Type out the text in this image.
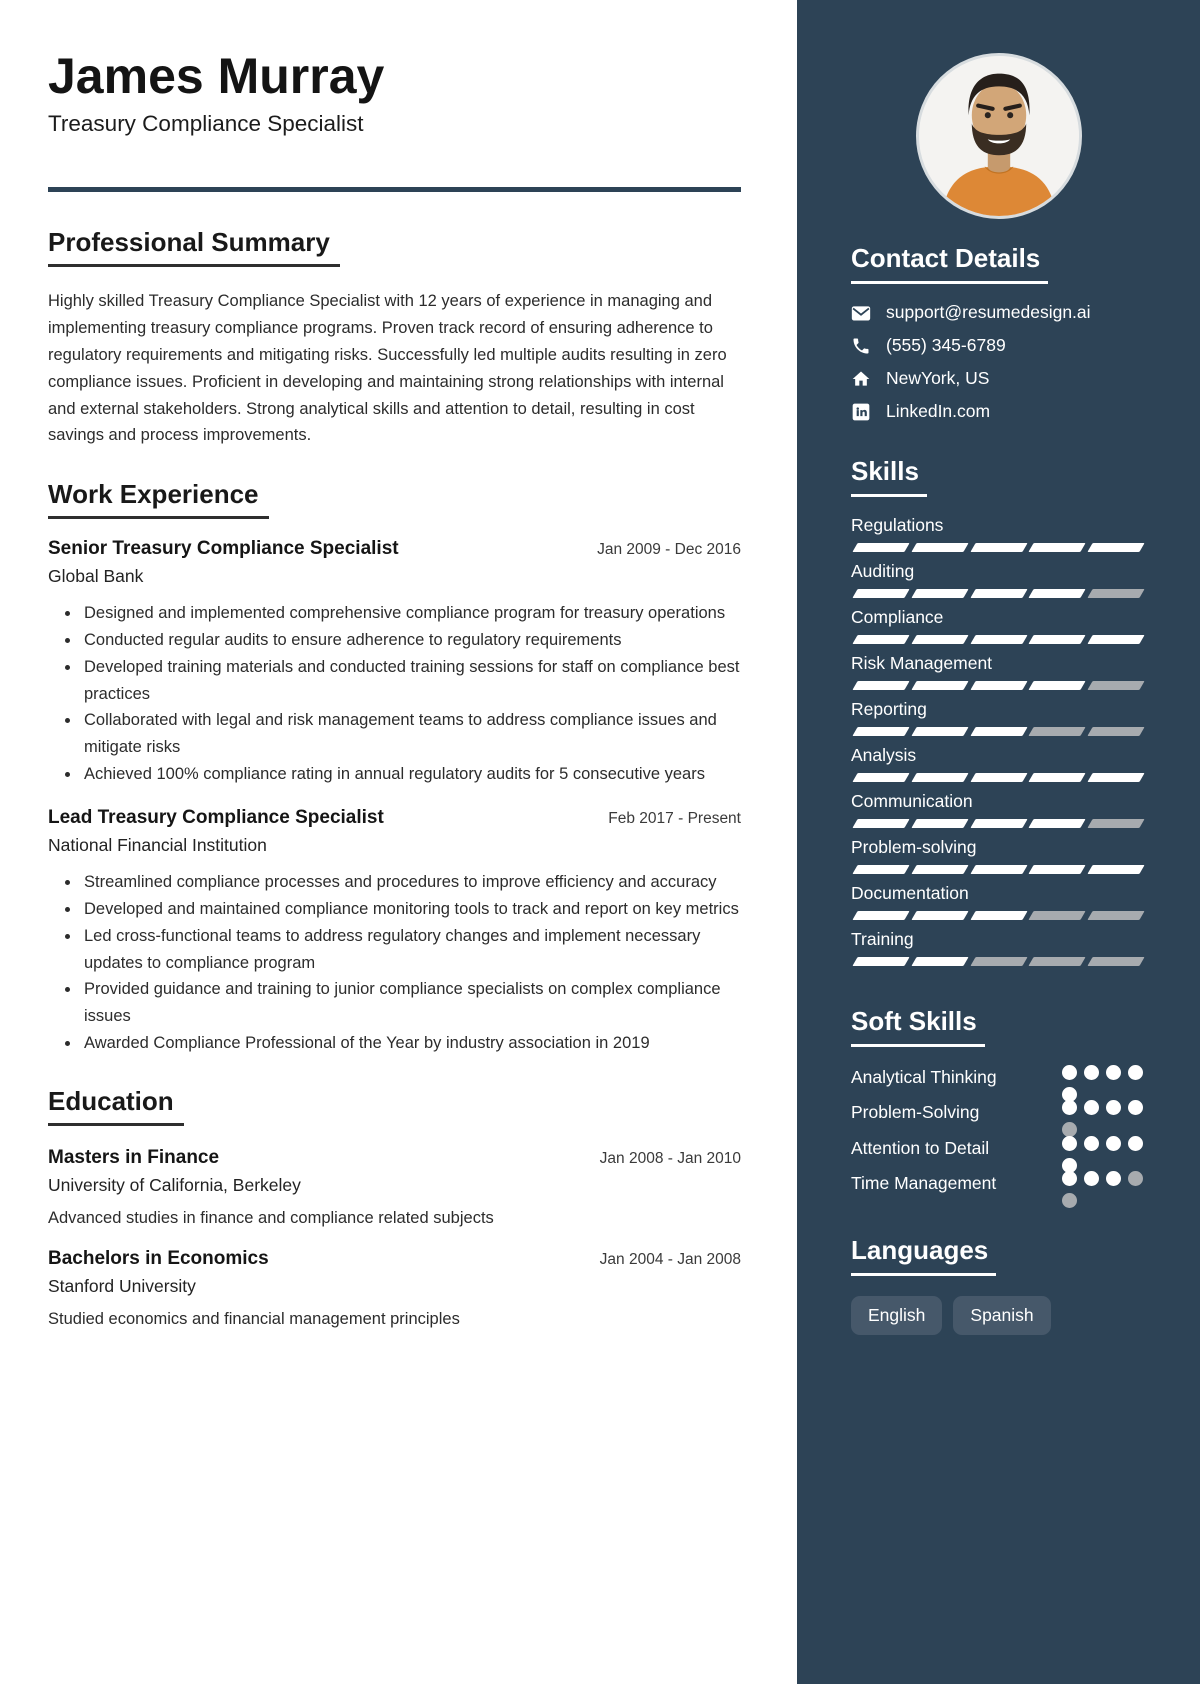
James Murray
Treasury Compliance Specialist
Professional Summary

Highly skilled Treasury Compliance Specialist with 12 years of experience in managing and implementing treasury compliance programs. Proven track record of ensuring adherence to regulatory requirements and mitigating risks. Successfully led multiple audits resulting in zero compliance issues. Proficient in developing and maintaining strong relationships with internal and external stakeholders. Strong analytical skills and attention to detail, resulting in cost savings and process improvements.

Work Experience
Senior Treasury Compliance Specialist	Jan 2009 - Dec 2016
Global Bank
• Designed and implemented comprehensive compliance program for treasury operations
• Conducted regular audits to ensure adherence to regulatory requirements
• Developed training materials and conducted training sessions for staff on compliance best practices
• Collaborated with legal and risk management teams to address compliance issues and mitigate risks
• Achieved 100% compliance rating in annual regulatory audits for 5 consecutive years
Lead Treasury Compliance Specialist	Feb 2017 - Present
National Financial Institution
• Streamlined compliance processes and procedures to improve efficiency and accuracy
• Developed and maintained compliance monitoring tools to track and report on key metrics
• Led cross-functional teams to address regulatory changes and implement necessary updates to compliance program
• Provided guidance and training to junior compliance specialists on complex compliance issues
• Awarded Compliance Professional of the Year by industry association in 2019
Education
Masters in Finance	Jan 2008 - Jan 2010
University of California, Berkeley
Advanced studies in finance and compliance related subjects
Bachelors in Economics	Jan 2004 - Jan 2008
Stanford University
Studied economics and financial management principles
Contact Details
support@resumedesign.ai
(555) 345-6789
NewYork, US
LinkedIn.com
Skills
Regulations
Auditing
Compliance
Risk Management
Reporting
Analysis
Communication
Problem-solving
Documentation
Training
Soft Skills
Analytical Thinking
Problem-Solving
Attention to Detail
Time Management
Languages
English	Spanish
